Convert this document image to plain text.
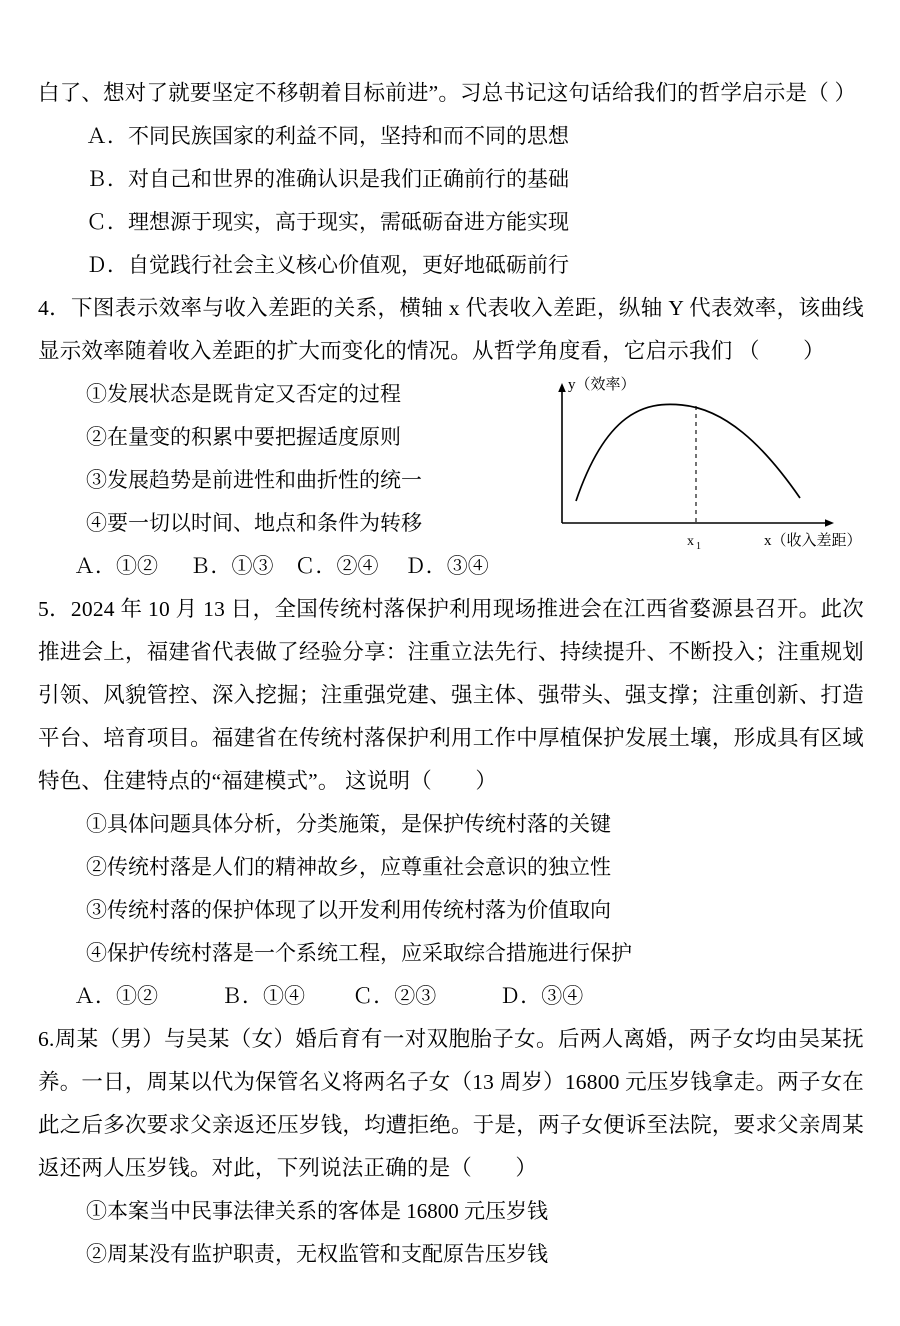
白了、想对了就要坚定不移朝着目标前进”。习总书记这句话给我们的哲学启示是（ ）

Ａ．不同民族国家的利益不同，坚持和而不同的思想

Ｂ．对自己和世界的准确认识是我们正确前行的基础

Ｃ．理想源于现实，高于现实，需砥砺奋进方能实现

Ｄ．自觉践行社会主义核心价值观，更好地砥砺前行

4．下图表示效率与收入差距的关系，横轴 x 代表收入差距，纵轴 Y 代表效率，该曲线显示效率随着收入差距的扩大而变化的情况。从哲学角度看，它启示我们 （　　）

①发展状态是既肯定又否定的过程

②在量变的积累中要把握适度原则

③发展趋势是前进性和曲折性的统一

④要一切以时间、地点和条件为转移

Ａ．①②      Ｂ．①③    Ｃ．②④     Ｄ．③④

y（效率）
x（收入差距）
x 1

5．2024 年 10 月 13 日，全国传统村落保护利用现场推进会在江西省婺源县召开。此次推进会上，福建省代表做了经验分享：注重立法先行、持续提升、不断投入；注重规划引领、风貌管控、深入挖掘；注重强党建、强主体、强带头、强支撑；注重创新、打造平台、培育项目。福建省在传统村落保护利用工作中厚植保护发展土壤，形成具有区域特色、住建特点的“福建模式”。 这说明（　　）

①具体问题具体分析，分类施策，是保护传统村落的关键

②传统村落是人们的精神故乡，应尊重社会意识的独立性

③传统村落的保护体现了以开发利用传统村落为价值取向

④保护传统村落是一个系统工程，应采取综合措施进行保护

Ａ．①②            Ｂ．①④         Ｃ．②③            Ｄ．③④

6.周某（男）与吴某（女）婚后育有一对双胞胎子女。后两人离婚，两子女均由吴某抚养。一日，周某以代为保管名义将两名子女（13 周岁）16800 元压岁钱拿走。两子女在此之后多次要求父亲返还压岁钱，均遭拒绝。于是，两子女便诉至法院，要求父亲周某返还两人压岁钱。对此，下列说法正确的是（　　）

①本案当中民事法律关系的客体是 16800 元压岁钱

②周某没有监护职责，无权监管和支配原告压岁钱
